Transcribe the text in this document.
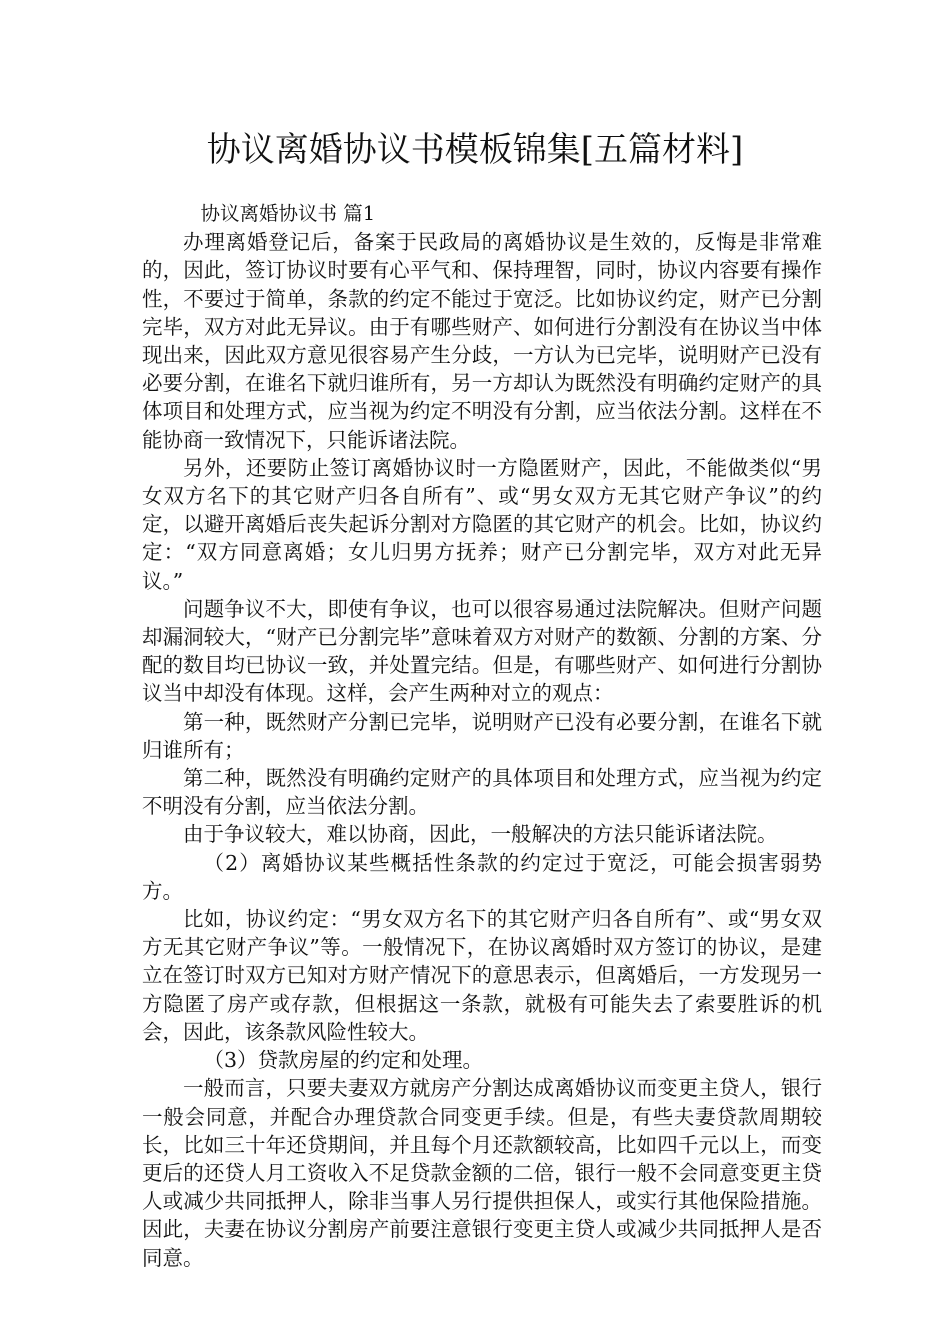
协议离婚协议书模板锦集[五篇材料]

协议离婚协议书 篇1

办理离婚登记后，备案于民政局的离婚协议是生效的，反悔是非常难的，因此，签订协议时要有心平气和、保持理智，同时，协议内容要有操作性，不要过于简单，条款的约定不能过于宽泛。比如协议约定，财产已分割完毕，双方对此无异议。由于有哪些财产、如何进行分割没有在协议当中体现出来，因此双方意见很容易产生分歧，一方认为已完毕，说明财产已没有必要分割，在谁名下就归谁所有，另一方却认为既然没有明确约定财产的具体项目和处理方式，应当视为约定不明没有分割，应当依法分割。这样在不能协商一致情况下，只能诉诸法院。

另外，还要防止签订离婚协议时一方隐匿财产，因此，不能做类似“男女双方名下的其它财产归各自所有”、或“男女双方无其它财产争议”的约定，以避开离婚后丧失起诉分割对方隐匿的其它财产的机会。比如，协议约定：“双方同意离婚；女儿归男方抚养；财产已分割完毕，双方对此无异议。”

问题争议不大，即使有争议，也可以很容易通过法院解决。但财产问题却漏洞较大，“财产已分割完毕”意味着双方对财产的数额、分割的方案、分配的数目均已协议一致，并处置完结。但是，有哪些财产、如何进行分割协议当中却没有体现。这样，会产生两种对立的观点：

第一种，既然财产分割已完毕，说明财产已没有必要分割，在谁名下就归谁所有；

第二种，既然没有明确约定财产的具体项目和处理方式，应当视为约定不明没有分割，应当依法分割。

由于争议较大，难以协商，因此，一般解决的方法只能诉诸法院。

（2）离婚协议某些概括性条款的约定过于宽泛，可能会损害弱势方。

比如，协议约定：“男女双方名下的其它财产归各自所有”、或“男女双方无其它财产争议”等。一般情况下，在协议离婚时双方签订的协议，是建立在签订时双方已知对方财产情况下的意思表示，但离婚后，一方发现另一方隐匿了房产或存款，但根据这一条款，就极有可能失去了索要胜诉的机会，因此，该条款风险性较大。

（3）贷款房屋的约定和处理。

一般而言，只要夫妻双方就房产分割达成离婚协议而变更主贷人，银行一般会同意，并配合办理贷款合同变更手续。但是，有些夫妻贷款周期较长，比如三十年还贷期间，并且每个月还款额较高，比如四千元以上，而变更后的还贷人月工资收入不足贷款金额的二倍，银行一般不会同意变更主贷人或减少共同抵押人，除非当事人另行提供担保人，或实行其他保险措施。因此，夫妻在协议分割房产前要注意银行变更主贷人或减少共同抵押人是否同意。
